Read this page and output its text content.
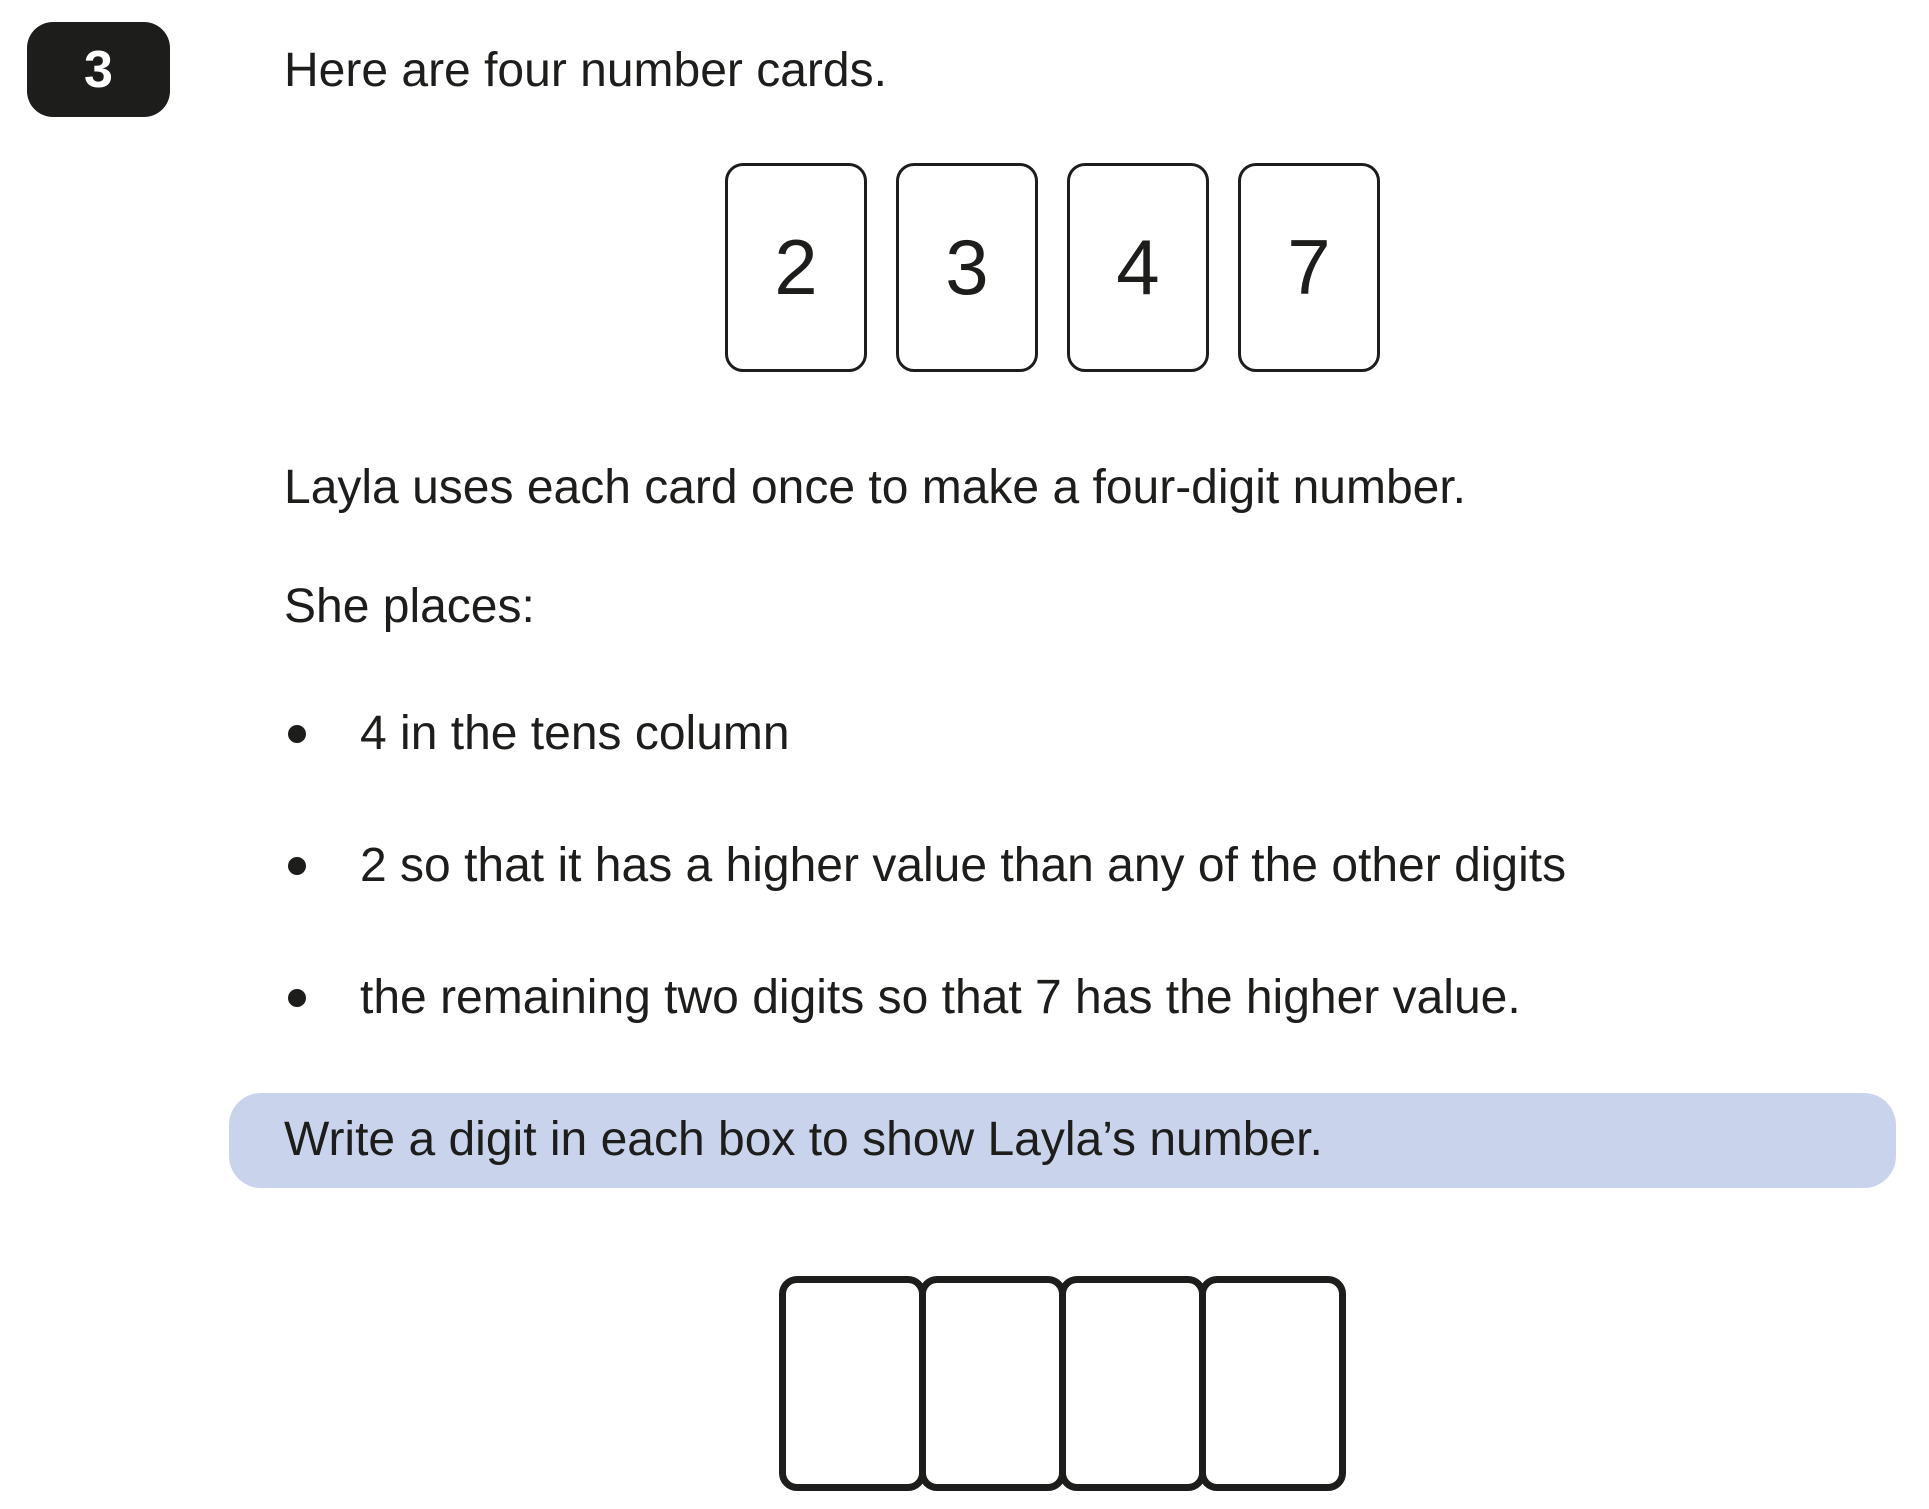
3	Here are four number cards.
2	3	4	7
Layla uses each card once to make a four-digit number.
She places:
4 in the tens column
2 so that it has a higher value than any of the other digits
the remaining two digits so that 7 has the higher value.
Write a digit in each box to show Layla’s number.
